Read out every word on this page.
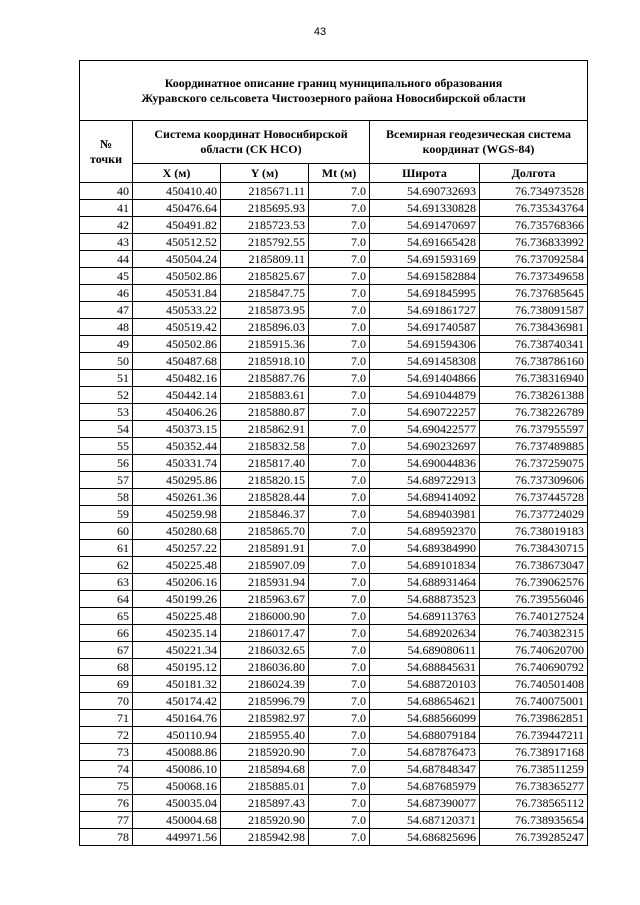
43
Координатное описание границ муниципального образования
Журавского сельсовета Чистоозерного района Новосибирской области					

№
точки	Система координат Новосибирской области (СК НСО)			Всемирная геодезическая система координат (WGS-84)	
	X (м)	Y (м)	Mt (м)	Широта	Долгота
40	450410.40	2185671.11	7.0	54.690732693	76.734973528
41	450476.64	2185695.93	7.0	54.691330828	76.735343764
42	450491.82	2185723.53	7.0	54.691470697	76.735768366
43	450512.52	2185792.55	7.0	54.691665428	76.736833992
44	450504.24	2185809.11	7.0	54.691593169	76.737092584
45	450502.86	2185825.67	7.0	54.691582884	76.737349658
46	450531.84	2185847.75	7.0	54.691845995	76.737685645
47	450533.22	2185873.95	7.0	54.691861727	76.738091587
48	450519.42	2185896.03	7.0	54.691740587	76.738436981
49	450502.86	2185915.36	7.0	54.691594306	76.738740341
50	450487.68	2185918.10	7.0	54.691458308	76.738786160
51	450482.16	2185887.76	7.0	54.691404866	76.738316940
52	450442.14	2185883.61	7.0	54.691044879	76.738261388
53	450406.26	2185880.87	7.0	54.690722257	76.738226789
54	450373.15	2185862.91	7.0	54.690422577	76.737955597
55	450352.44	2185832.58	7.0	54.690232697	76.737489885
56	450331.74	2185817.40	7.0	54.690044836	76.737259075
57	450295.86	2185820.15	7.0	54.689722913	76.737309606
58	450261.36	2185828.44	7.0	54.689414092	76.737445728
59	450259.98	2185846.37	7.0	54.689403981	76.737724029
60	450280.68	2185865.70	7.0	54.689592370	76.738019183
61	450257.22	2185891.91	7.0	54.689384990	76.738430715
62	450225.48	2185907.09	7.0	54.689101834	76.738673047
63	450206.16	2185931.94	7.0	54.688931464	76.739062576
64	450199.26	2185963.67	7.0	54.688873523	76.739556046
65	450225.48	2186000.90	7.0	54.689113763	76.740127524
66	450235.14	2186017.47	7.0	54.689202634	76.740382315
67	450221.34	2186032.65	7.0	54.689080611	76.740620700
68	450195.12	2186036.80	7.0	54.688845631	76.740690792
69	450181.32	2186024.39	7.0	54.688720103	76.740501408
70	450174.42	2185996.79	7.0	54.688654621	76.740075001
71	450164.76	2185982.97	7.0	54.688566099	76.739862851
72	450110.94	2185955.40	7.0	54.688079184	76.739447211
73	450088.86	2185920.90	7.0	54.687876473	76.738917168
74	450086.10	2185894.68	7.0	54.687848347	76.738511259
75	450068.16	2185885.01	7.0	54.687685979	76.738365277
76	450035.04	2185897.43	7.0	54.687390077	76.738565112
77	450004.68	2185920.90	7.0	54.687120371	76.738935654
78	449971.56	2185942.98	7.0	54.686825696	76.739285247
